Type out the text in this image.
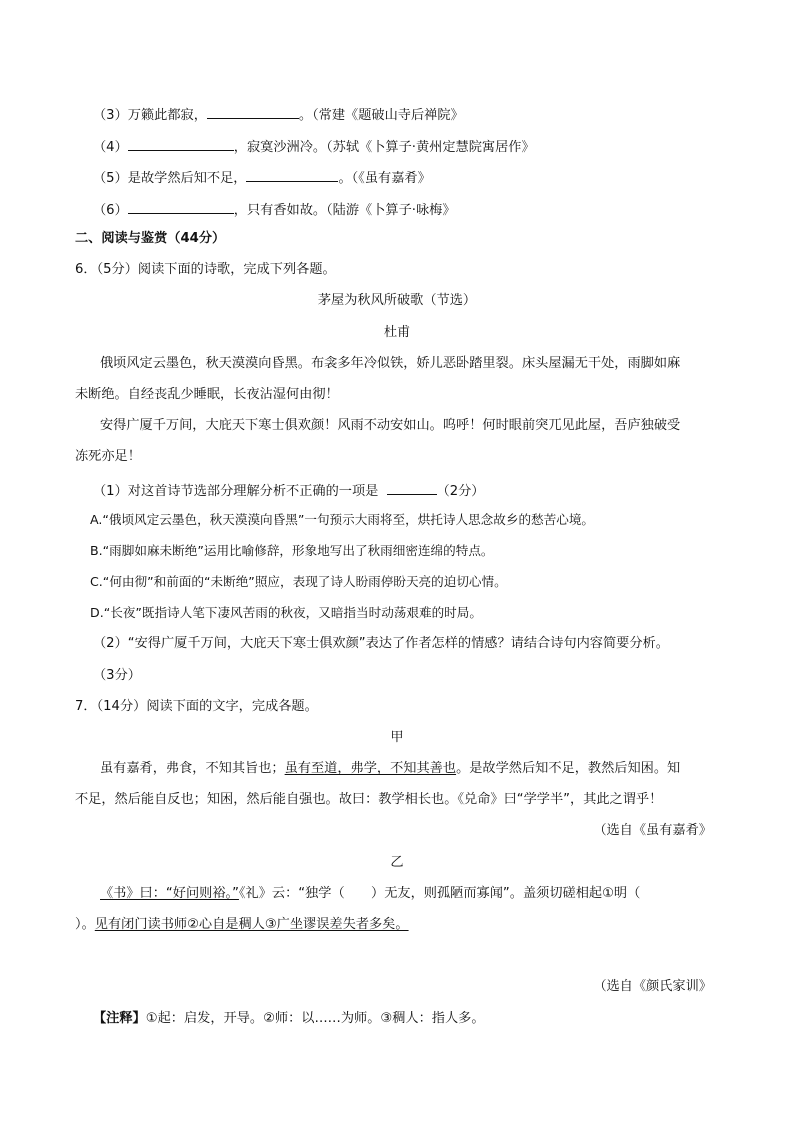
（3）万籁此都寂，	。（常建《题破山寺后禅院》
（4）	，寂寞沙洲冷。（苏轼《卜算子·黄州定慧院寓居作》
（5）是故学然后知不足，	。（《虽有嘉肴》
（6）	，只有香如故。（陆游《卜算子·咏梅》
二、阅读与鉴赏（44分）
6．（5分）阅读下面的诗歌，完成下列各题。
茅屋为秋风所破歌（节选）
杜甫
俄顷风定云墨色，秋天漠漠向昏黑。布衾多年冷似铁，娇儿恶卧踏里裂。床头屋漏无干处，雨脚如麻
未断绝。自经丧乱少睡眠，长夜沾湿何由彻！
安得广厦千万间，大庇天下寒士俱欢颜！风雨不动安如山。呜呼！何时眼前突兀见此屋，吾庐独破受
冻死亦足！
（1）对这首诗节选部分理解分析不正确的一项是	（2分）
A.“俄顷风定云墨色，秋天漠漠向昏黑”一句预示大雨将至，烘托诗人思念故乡的愁苦心境。
B.“雨脚如麻未断绝”运用比喻修辞，形象地写出了秋雨细密连绵的特点。
C.“何由彻”和前面的“未断绝”照应，表现了诗人盼雨停盼天亮的迫切心情。
D.“长夜”既指诗人笔下凄风苦雨的秋夜，又暗指当时动荡艰难的时局。
（2）“安得广厦千万间，大庇天下寒士俱欢颜”表达了作者怎样的情感？请结合诗句内容简要分析。
（3分）
7．（14分）阅读下面的文字，完成各题。
甲
虽有嘉肴，弗食，不知其旨也；虽有至道，弗学，不知其善也。是故学然后知不足，教然后知困。知
不足，然后能自反也；知困，然后能自强也。故曰：教学相长也。《兑命》曰“学学半”，其此之谓乎！
（选自《虽有嘉肴》
乙
《书》曰：“好问则裕。”《礼》云：“独学（　　）无友，则孤陋而寡闻”。盖须切磋相起①明（
）。见有闭门读书师②心自是稠人③广坐谬误差失者多矣。
（选自《颜氏家训》
【注释】①起：启发，开导。②师：以……为师。③稠人：指人多。
